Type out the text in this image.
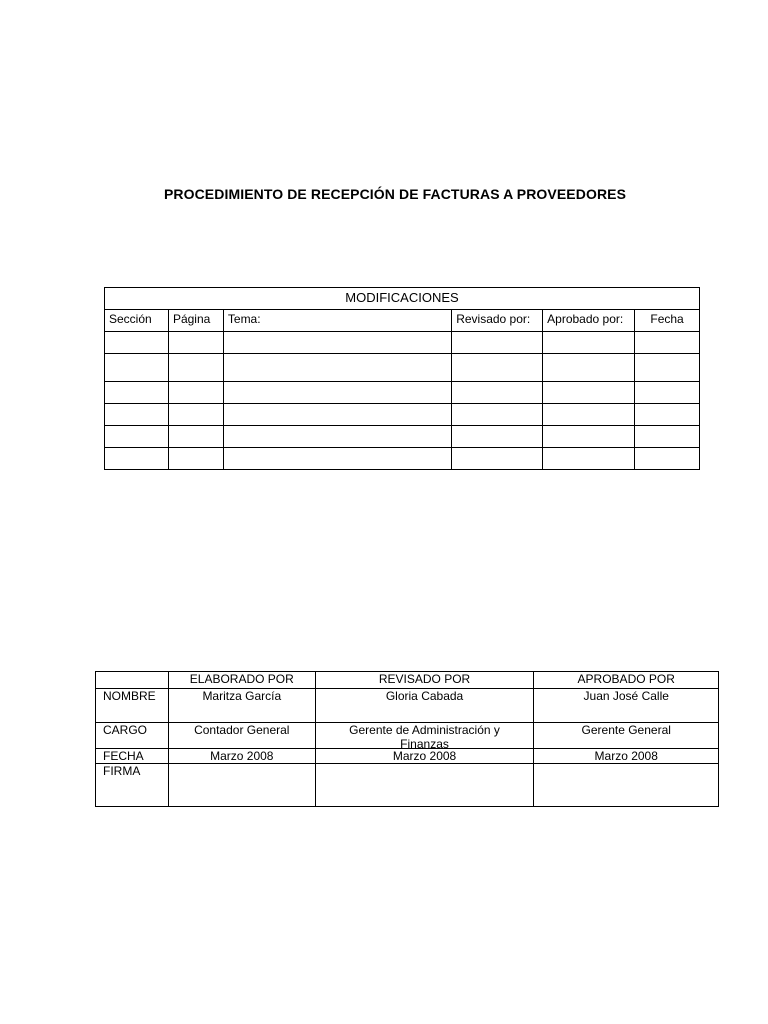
PROCEDIMIENTO DE RECEPCIÓN DE FACTURAS A PROVEEDORES
MODIFICACIONES					
Sección	Página	Tema:	Revisado por:	Aprobado por:	Fecha

	ELABORADO POR	REVISADO POR	APROBADO POR
NOMBRE	Maritza García	Gloria Cabada	Juan José Calle
CARGO	Contador General	Gerente de Administración y Finanzas	Gerente General
FECHA	Marzo 2008	Marzo 2008	Marzo 2008
FIRMA			
